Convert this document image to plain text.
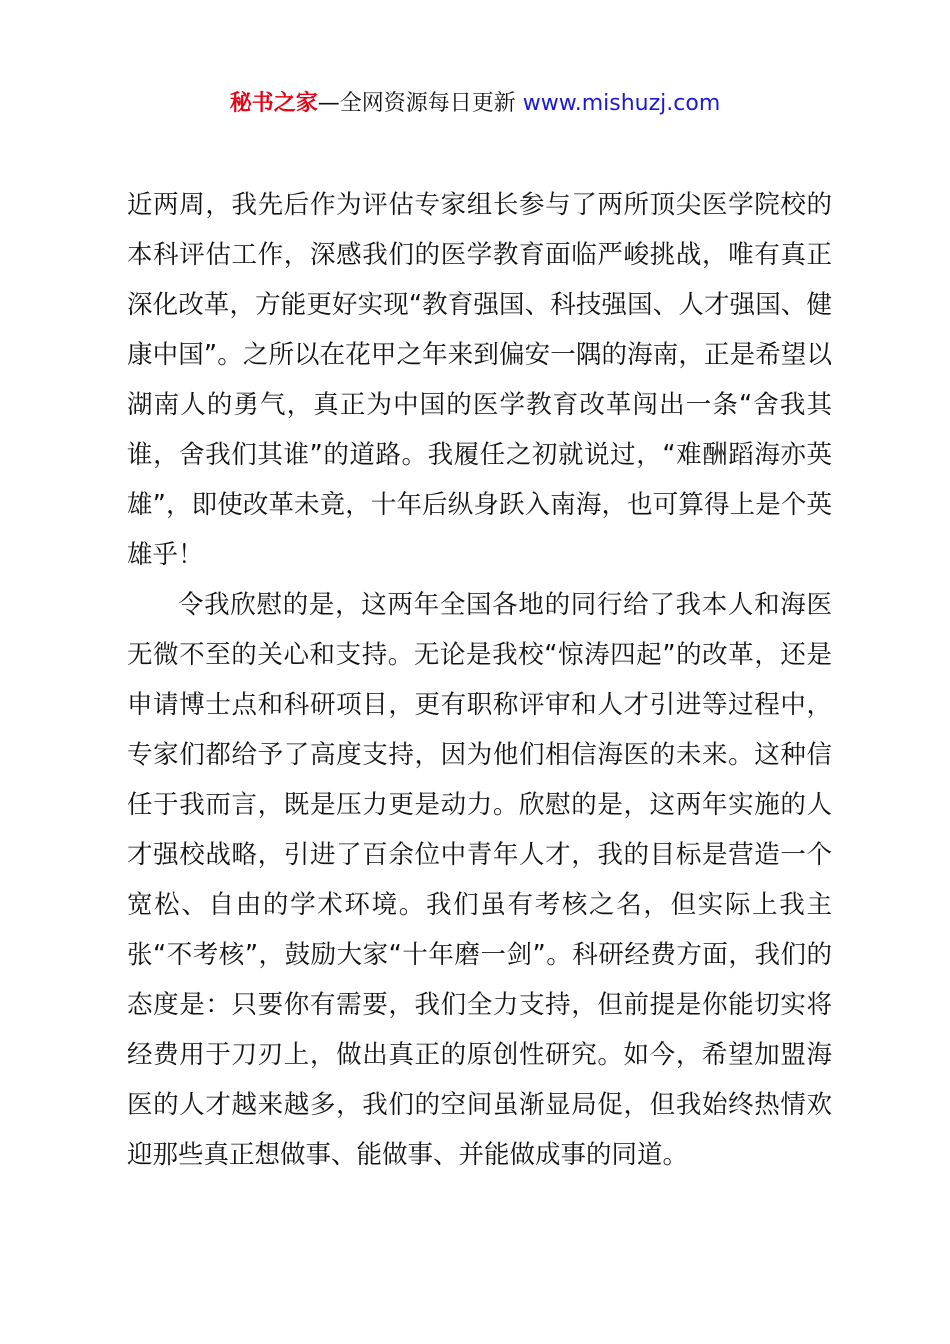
秘书之家—全网资源每日更新 www.mishuzj.com

近两周，我先后作为评估专家组长参与了两所顶尖医学院校的本科评估工作，深感我们的医学教育面临严峻挑战，唯有真正深化改革，方能更好实现“教育强国、科技强国、人才强国、健康中国”。之所以在花甲之年来到偏安一隅的海南，正是希望以湖南人的勇气，真正为中国的医学教育改革闯出一条“舍我其谁，舍我们其谁”的道路。我履任之初就说过，“难酬蹈海亦英雄”，即使改革未竟，十年后纵身跃入南海，也可算得上是个英雄乎！

令我欣慰的是，这两年全国各地的同行给了我本人和海医无微不至的关心和支持。无论是我校“惊涛四起”的改革，还是申请博士点和科研项目，更有职称评审和人才引进等过程中，专家们都给予了高度支持，因为他们相信海医的未来。这种信任于我而言，既是压力更是动力。欣慰的是，这两年实施的人才强校战略，引进了百余位中青年人才，我的目标是营造一个宽松、自由的学术环境。我们虽有考核之名，但实际上我主张“不考核”，鼓励大家“十年磨一剑”。科研经费方面，我们的态度是：只要你有需要，我们全力支持，但前提是你能切实将经费用于刀刃上，做出真正的原创性研究。如今，希望加盟海医的人才越来越多，我们的空间虽渐显局促，但我始终热情欢迎那些真正想做事、能做事、并能做成事的同道。
